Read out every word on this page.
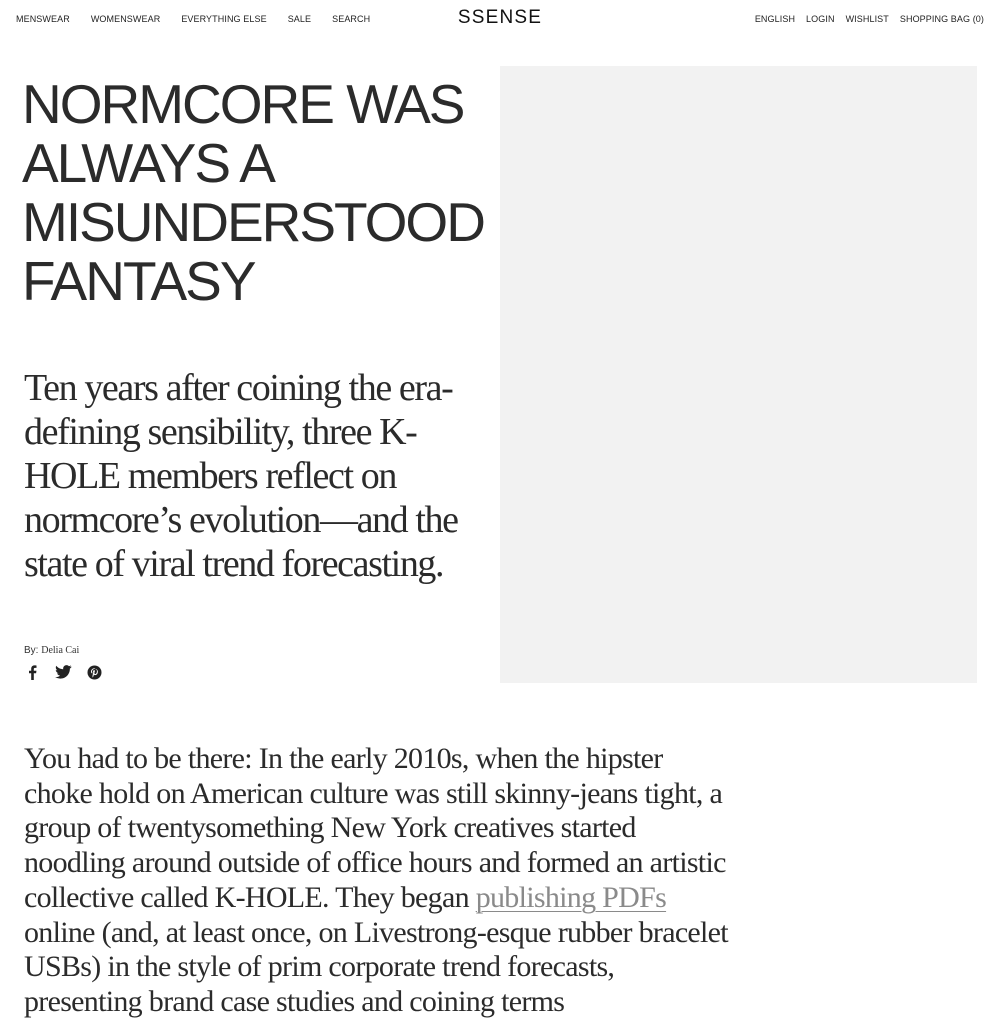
MENSWEAR WOMENSWEAR EVERYTHING ELSE SALE SEARCH	SSENSE	ENGLISH LOGIN WISHLIST SHOPPING BAG (0)
NORMCORE WAS ALWAYS A MISUNDERSTOOD FANTASY

Ten years after coining the era-defining sensibility, three K-HOLE members reflect on normcore’s evolution—and the state of viral trend forecasting.

By: Delia Cai

You had to be there: In the early 2010s, when the hipster choke hold on American culture was still skinny-jeans tight, a group of twentysomething New York creatives started noodling around outside of office hours and formed an artistic collective called K-HOLE. They began publishing PDFs online (and, at least once, on Livestrong-esque rubber bracelet USBs) in the style of prim corporate trend forecasts, presenting brand case studies and coining terms
